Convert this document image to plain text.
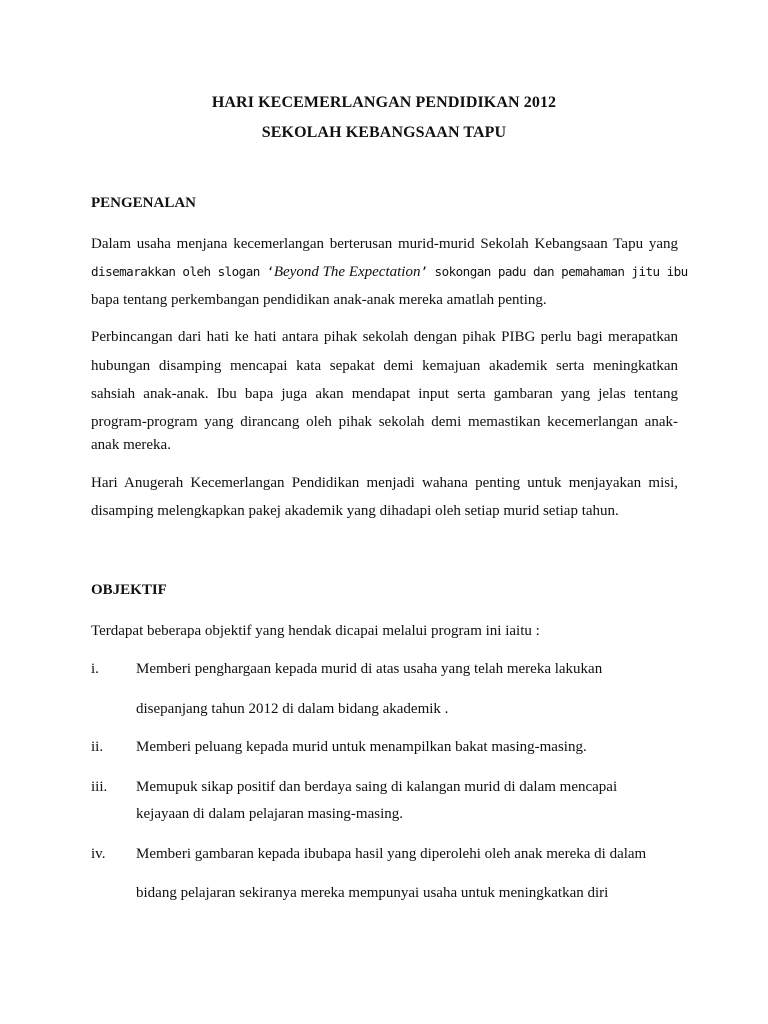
HARI KECEMERLANGAN PENDIDIKAN 2012
SEKOLAH KEBANGSAAN TAPU
PENGENALAN
Dalam usaha menjana kecemerlangan berterusan murid-murid Sekolah Kebangsaan Tapu yang
disemarakkan oleh slogan ‘Beyond The Expectation’ sokongan padu dan pemahaman jitu ibu
bapa tentang perkembangan pendidikan anak-anak mereka amatlah penting.
Perbincangan dari hati ke hati antara pihak sekolah dengan pihak PIBG perlu bagi merapatkan
hubungan disamping mencapai kata sepakat demi kemajuan akademik serta meningkatkan
sahsiah anak-anak. Ibu bapa juga akan mendapat input serta gambaran yang jelas tentang
program-program yang dirancang oleh pihak sekolah demi memastikan kecemerlangan anak-
anak mereka.
Hari Anugerah Kecemerlangan Pendidikan menjadi wahana penting untuk menjayakan misi,
disamping melengkapkan pakej akademik yang dihadapi oleh setiap murid setiap tahun.
OBJEKTIF
Terdapat beberapa objektif yang hendak dicapai melalui program ini iaitu :
i. Memberi penghargaan kepada murid di atas usaha yang telah mereka lakukan
disepanjang tahun 2012 di dalam bidang akademik .
ii. Memberi peluang kepada murid untuk menampilkan bakat masing-masing.
iii. Memupuk sikap positif dan berdaya saing di kalangan murid di dalam mencapai
kejayaan di dalam pelajaran masing-masing.
iv. Memberi gambaran kepada ibubapa hasil yang diperolehi oleh anak mereka di dalam
bidang pelajaran sekiranya mereka mempunyai usaha untuk meningkatkan diri
